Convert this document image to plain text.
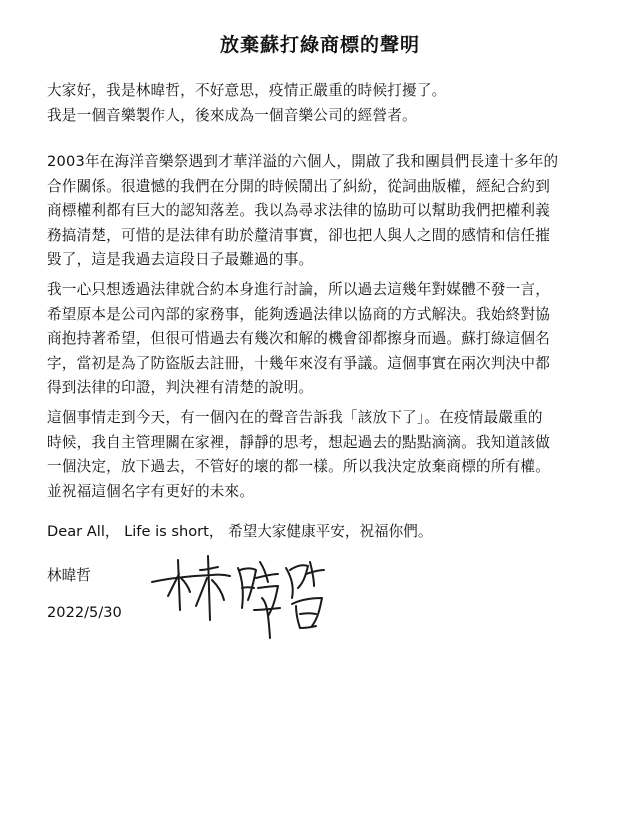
放棄蘇打綠商標的聲明
大家好，我是林暐哲，不好意思，疫情正嚴重的時候打擾了。
我是一個音樂製作人，後來成為一個音樂公司的經營者。
2003年在海洋音樂祭遇到才華洋溢的六個人，開啟了我和團員們長達十多年的
合作關係。很遺憾的我們在分開的時候鬧出了糾紛，從詞曲版權，經紀合約到
商標權利都有巨大的認知落差。我以為尋求法律的協助可以幫助我們把權利義
務搞清楚，可惜的是法律有助於釐清事實，卻也把人與人之間的感情和信任摧
毀了，這是我過去這段日子最難過的事。
我一心只想透過法律就合約本身進行討論，所以過去這幾年對媒體不發一言，
希望原本是公司內部的家務事，能夠透過法律以協商的方式解決。我始終對協
商抱持著希望，但很可惜過去有幾次和解的機會卻都擦身而過。蘇打綠這個名
字，當初是為了防盜版去註冊，十幾年來沒有爭議。這個事實在兩次判決中都
得到法律的印證，判決裡有清楚的說明。
這個事情走到今天，有一個內在的聲音告訴我「該放下了」。在疫情最嚴重的
時候，我自主管理關在家裡，靜靜的思考，想起過去的點點滴滴。我知道該做
一個決定，放下過去，不管好的壞的都一樣。所以我決定放棄商標的所有權。
並祝福這個名字有更好的未來。
Dear All， Life is short， 希望大家健康平安，祝福你們。
林暐哲
2022/5/30
